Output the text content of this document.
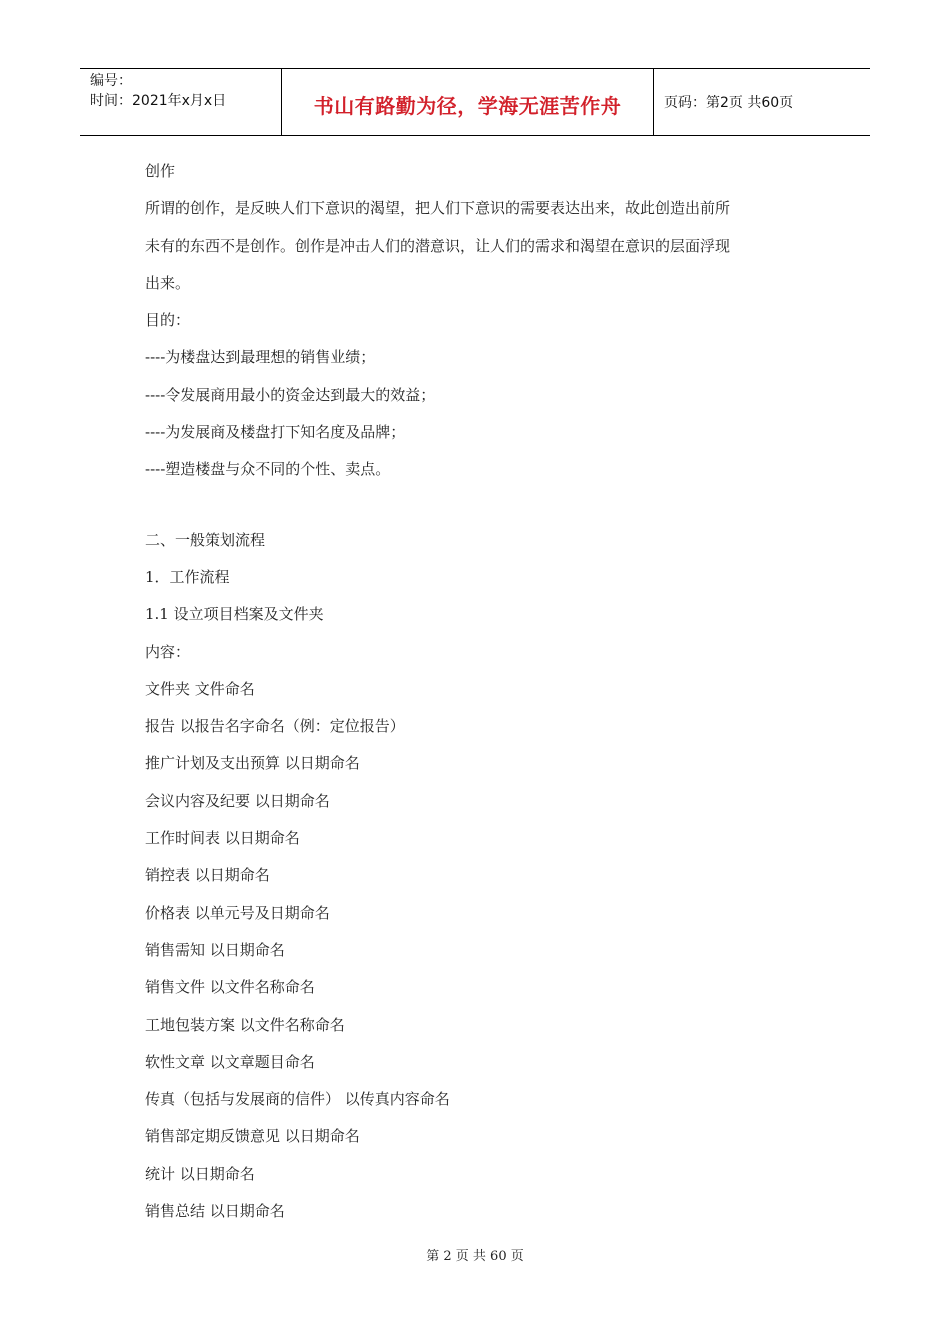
编号：
时间：2021年x月x日	书山有路勤为径，学海无涯苦作舟	页码：第2页 共60页

创作

所谓的创作，是反映人们下意识的渴望，把人们下意识的需要表达出来，故此创造出前所

未有的东西不是创作。创作是冲击人们的潜意识，让人们的需求和渴望在意识的层面浮现

出来。

目的：

----为楼盘达到最理想的销售业绩；

----令发展商用最小的资金达到最大的效益；

----为发展商及楼盘打下知名度及品牌；

----塑造楼盘与众不同的个性、卖点。

二、一般策划流程

1．工作流程

1.1 设立项目档案及文件夹

内容：

文件夹 文件命名

报告 以报告名字命名（例：定位报告）

推广计划及支出预算 以日期命名

会议内容及纪要 以日期命名

工作时间表 以日期命名

销控表 以日期命名

价格表 以单元号及日期命名

销售需知 以日期命名

销售文件 以文件名称命名

工地包装方案 以文件名称命名

软性文章 以文章题目命名

传真（包括与发展商的信件） 以传真内容命名

销售部定期反馈意见 以日期命名

统计 以日期命名

销售总结 以日期命名

第 2 页 共 60 页
